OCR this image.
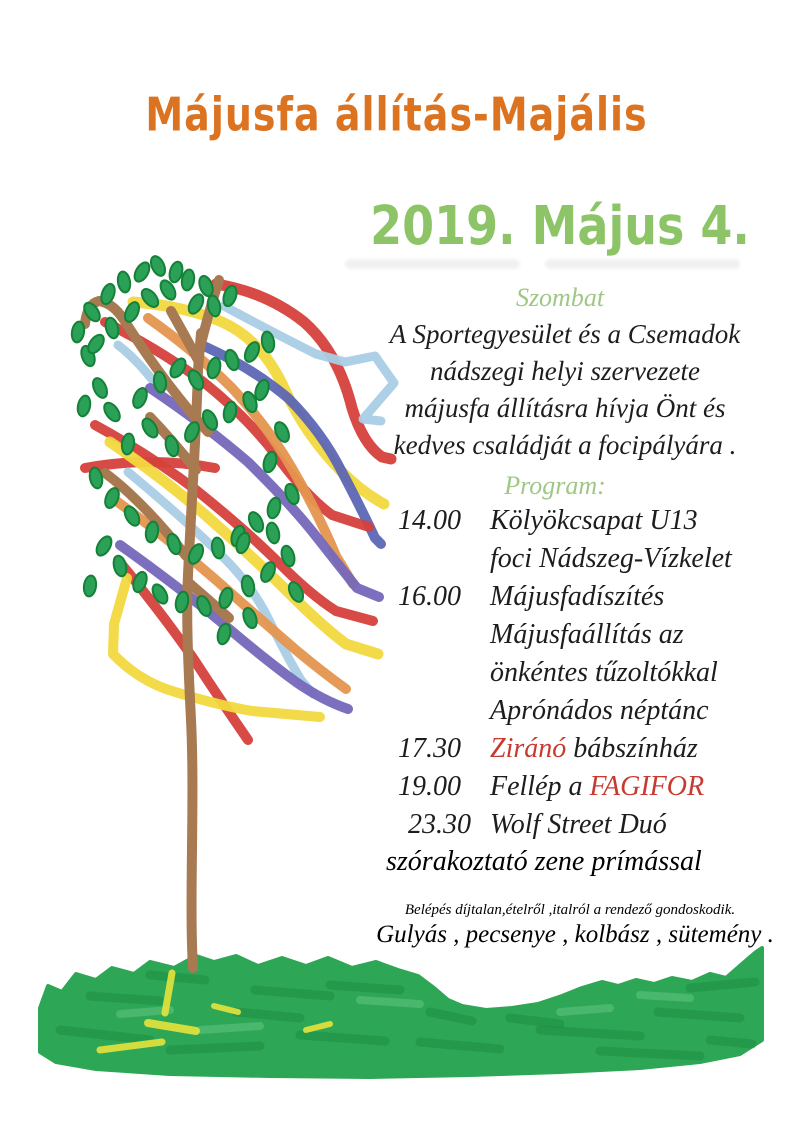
Májusfa állítás-Majális
2019. Május 4.
Szombat
A Sportegyesület és a Csemadok
nádszegi helyi szervezete
májusfa állításra hívja Önt és
kedves családját a focipályára .
Program:
14.00	Kölyökcsapat U13
foci Nádszeg-Vízkelet
16.00	Májusfadíszítés
Májusfaállítás az
önkéntes tűzoltókkal
Aprónádos néptánc
17.30	Ziránó bábszínház
19.00	Fellép a FAGIFOR
23.30 Wolf Street Duó
szórakoztató zene prímással
Belépés díjtalan,ételről ,italról a rendező gondoskodik.
Gulyás , pecsenye , kolbász , sütemény .
